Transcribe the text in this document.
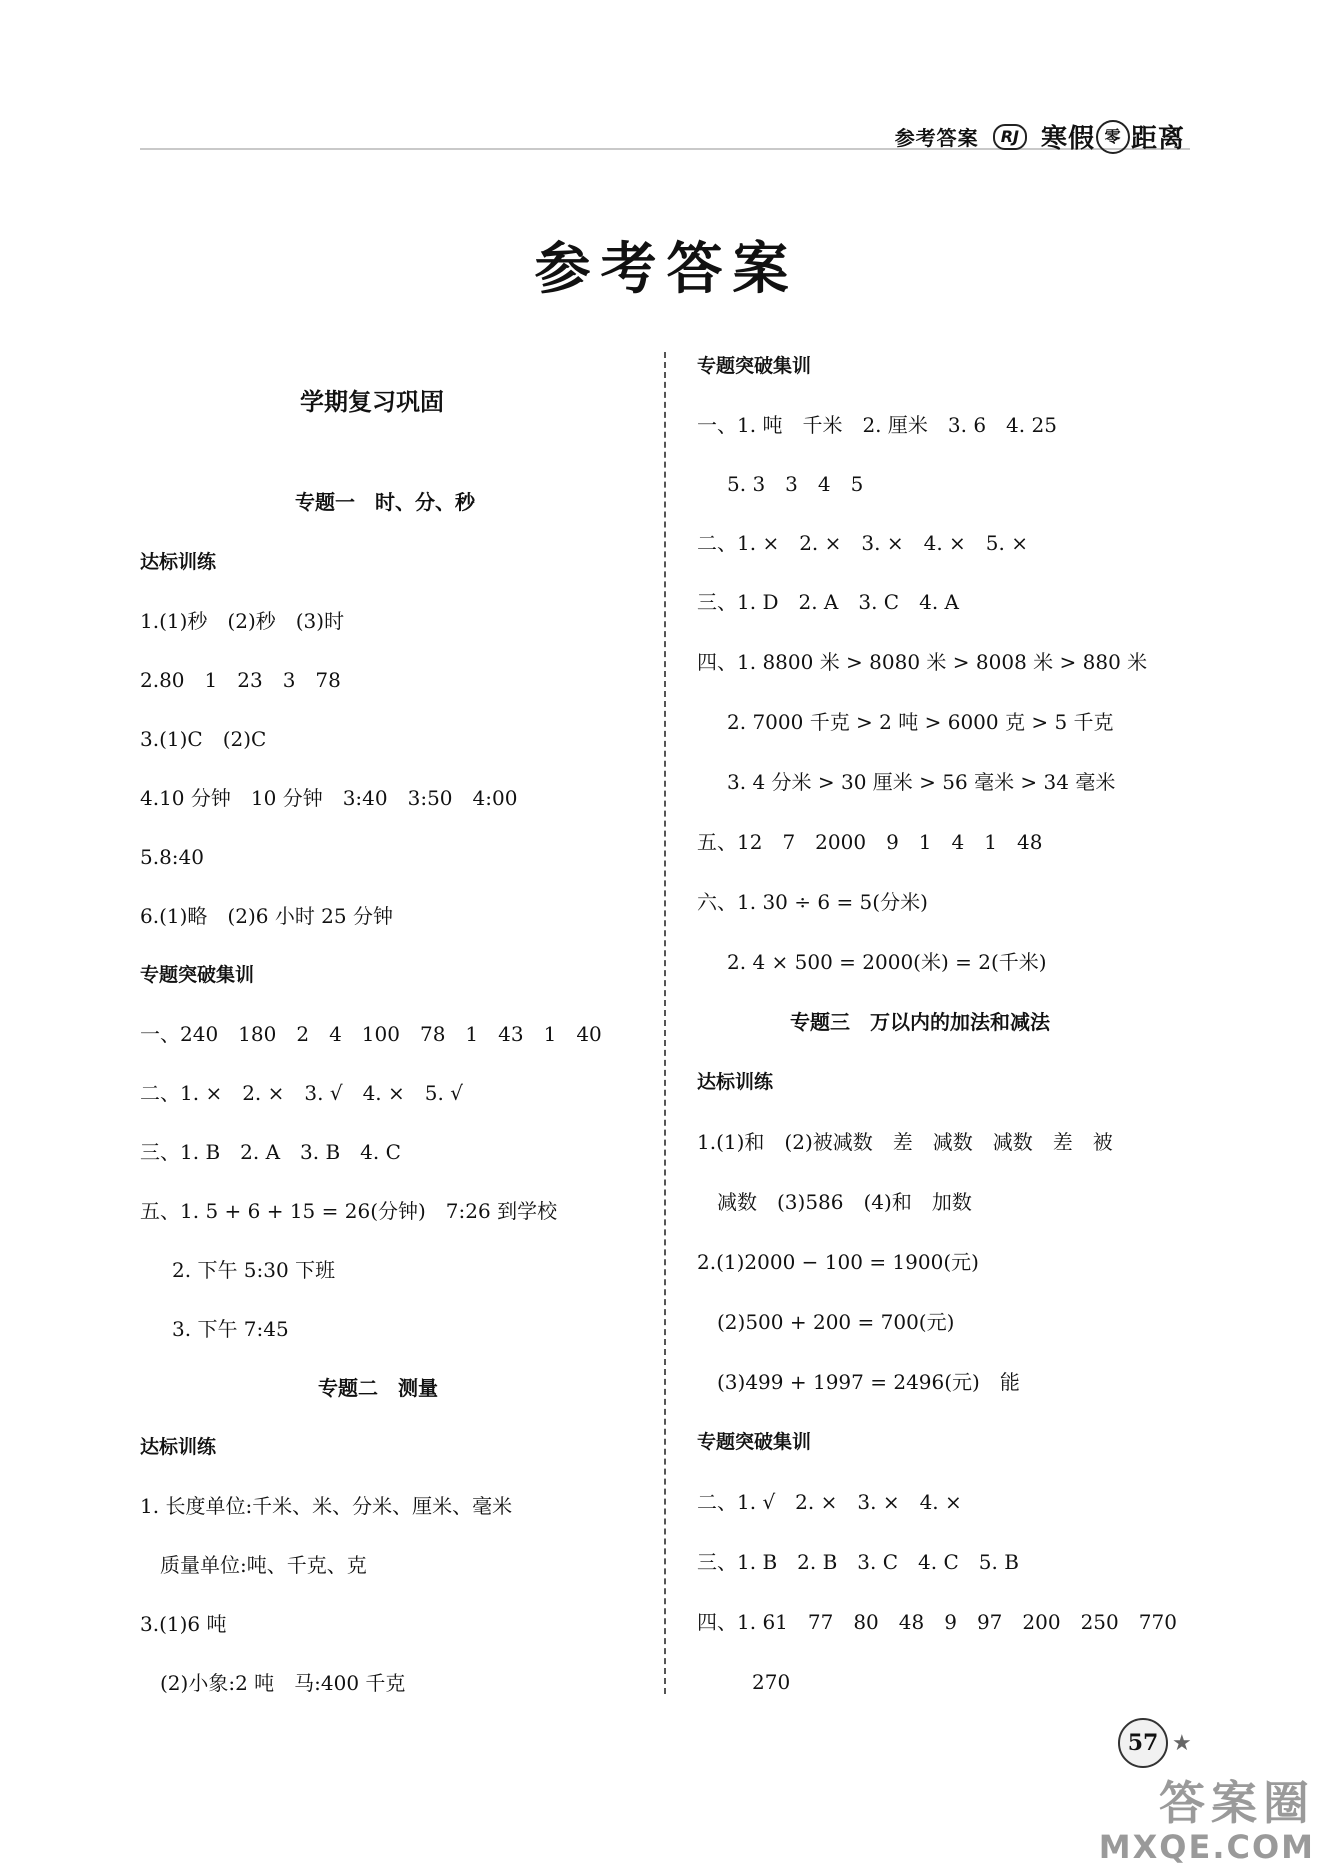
参考答案	RJ 寒假 零 距离
参考答案
学期复习巩固
专题一　时、分、秒
达标训练
1.(1)秒　(2)秒　(3)时
2.80　1　23　3　78
3.(1)C　(2)C
4.10 分钟　10 分钟　3:40　3:50　4:00
5.8:40
6.(1)略　(2)6 小时 25 分钟
专题突破集训
一、240　180　2　4　100　78　1　43　1　40
二、1. ×　2. ×　3. √　4. ×　5. √
三、1. B　2. A　3. B　4. C
五、1. 5 + 6 + 15 = 26(分钟)　7:26 到学校
2. 下午 5:30 下班
3. 下午 7:45
专题二　测量
达标训练
1. 长度单位:千米、米、分米、厘米、毫米
质量单位:吨、千克、克
3.(1)6 吨
(2)小象:2 吨　马:400 千克
专题突破集训
一、1. 吨　千米　2. 厘米　3. 6　4. 25
5. 3　3　4　5
二、1. ×　2. ×　3. ×　4. ×　5. ×
三、1. D　2. A　3. C　4. A
四、1. 8800 米 > 8080 米 > 8008 米 > 880 米
2. 7000 千克 > 2 吨 > 6000 克 > 5 千克
3. 4 分米 > 30 厘米 > 56 毫米 > 34 毫米
五、12　7　2000　9　1　4　1　48
六、1. 30 ÷ 6 = 5(分米)
2. 4 × 500 = 2000(米) = 2(千米)
专题三　万以内的加法和减法
达标训练
1.(1)和　(2)被减数　差　减数　减数　差　被
减数　(3)586　(4)和　加数
2.(1)2000 − 100 = 1900(元)
(2)500 + 200 = 700(元)
(3)499 + 1997 = 2496(元)　能
专题突破集训
二、1. √　2. ×　3. ×　4. ×
三、1. B　2. B　3. C　4. C　5. B
四、1. 61　77　80　48　9　97　200　250　770
270
57 ★
答案圈
MXQE.COM
